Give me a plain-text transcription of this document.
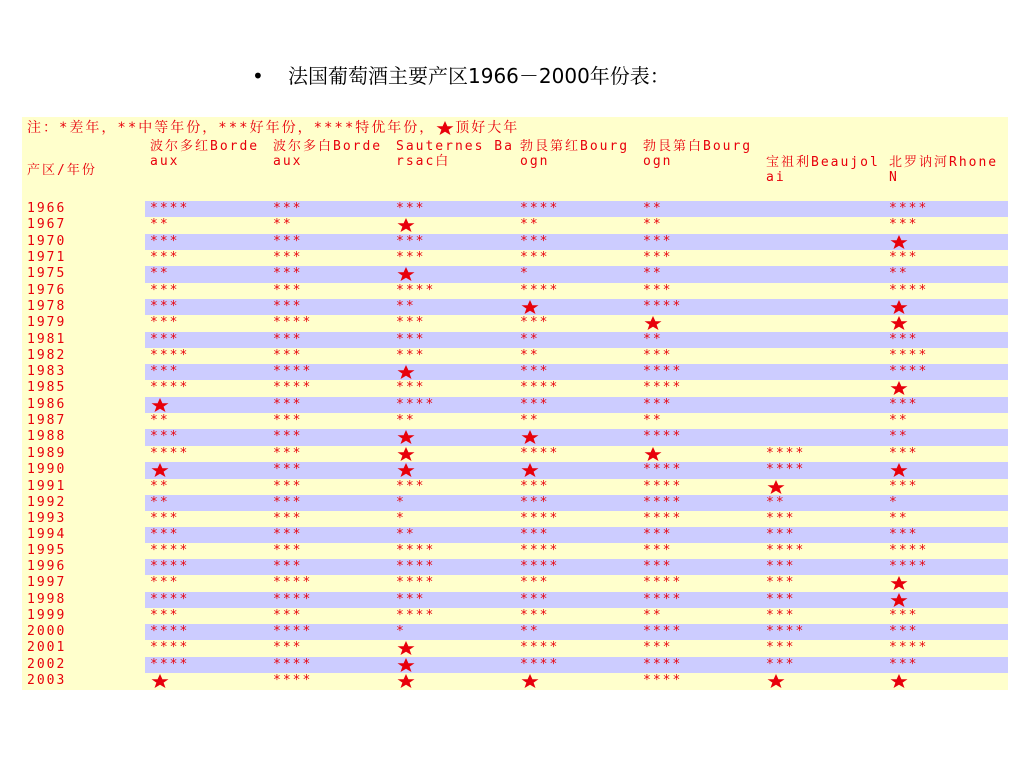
• 法国葡萄酒主要产区1966－2000年份表：
注：*差年，**中等年份，***好年份，****特优年份， 顶好大年							
产区/年份	波尔多红Bordeaux	波尔多白Bordeaux	Sauternes Barsac白	勃艮第红Bourgogn	勃艮第白Bourgogn	宝祖利Beaujolai	北罗讷河Rhone N
1966	****	***	***	****	**		****
1967	**	**		**	**		***
1970	***	***	***	***	***		

1971	***	***	***	***	***		***
1975	**	***		*	**		**
1976	***	***	****	****	***		****
1978	***	***	**		****		

1979	***	****	***	***	

1981	***	***	***	**	**		***
1982	****	***	***	**	***		****
1983	***	****		***	****		****
1985	****	****	***	****	****		

1986		***	****	***	***		***
1987	**	***	**	**	**		**
1988	***	***			****		**
1989	****	***		****		****	***
1990		***			****	****	

1991	**	***	***	***	****		***
1992	**	***	*	***	****	**	*
1993	***	***	*	****	****	***	**
1994	***	***	**	***	***	***	***
1995	****	***	****	****	***	****	****
1996	****	***	****	****	***	***	****
1997	***	****	****	***	****	***	

1998	****	****	***	***	****	***	

1999	***	***	****	***	**	***	***
2000	****	****	*	**	****	****	***
2001	****	***		****	***	***	****
2002	****	****		****	****	***	***
2003		****			****	
